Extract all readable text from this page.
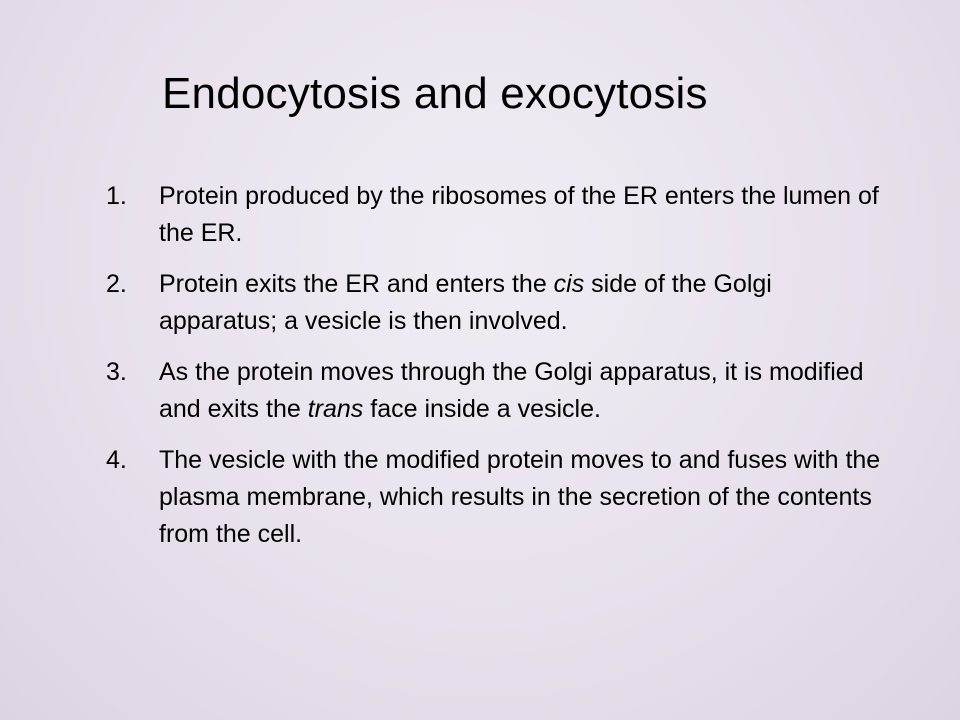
Endocytosis and exocytosis
1. Protein produced by the ribosomes of the ER enters the lumen of the ER.
2. Protein exits the ER and enters the cis side of the Golgi apparatus; a vesicle is then involved.
3. As the protein moves through the Golgi apparatus, it is modified and exits the trans face inside a vesicle.
4. The vesicle with the modified protein moves to and fuses with the plasma membrane, which results in the secretion of the contents from the cell.
